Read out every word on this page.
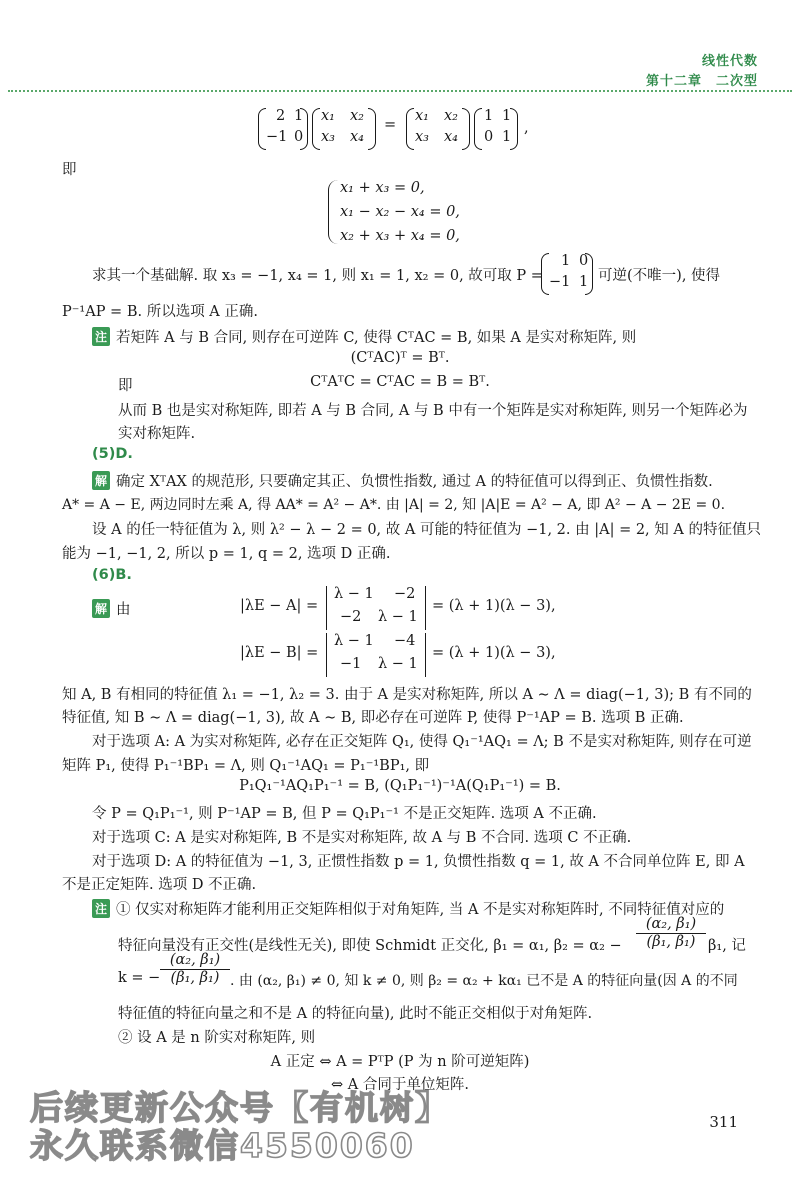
线性代数
第十二章　二次型
2 1
−1 0
x₁ x₂
x₃ x₄
=
x₁ x₂
x₃ x₄
1 1
0 1
,
即
x₁ + x₃ = 0,
x₁ − x₂ − x₄ = 0,
x₂ + x₃ + x₄ = 0,
求其一个基础解. 取 x₃ = −1, x₄ = 1, 则 x₁ = 1, x₂ = 0, 故可取 P =
1 0
−1 1 可逆(不唯一), 使得
P⁻¹AP = B. 所以选项 A 正确.
注 若矩阵 A 与 B 合同, 则存在可逆阵 C, 使得 CᵀAC = B, 如果 A 是实对称矩阵, 则
(CᵀAC)ᵀ = Bᵀ.
即	CᵀAᵀC = CᵀAC = B = Bᵀ.
从而 B 也是实对称矩阵, 即若 A 与 B 合同, A 与 B 中有一个矩阵是实对称矩阵, 则另一个矩阵必为
实对称矩阵.
(5)D.
解 确定 XᵀAX 的规范形, 只要确定其正、负惯性指数, 通过 A 的特征值可以得到正、负惯性指数.
A* = A − E, 两边同时左乘 A, 得 AA* = A² − A*. 由 |A| = 2, 知 |A|E = A² − A, 即 A² − A − 2E = 0.
设 A 的任一特征值为 λ, 则 λ² − λ − 2 = 0, 故 A 可能的特征值为 −1, 2. 由 |A| = 2, 知 A 的特征值只
能为 −1, −1, 2, 所以 p = 1, q = 2, 选项 D 正确.
(6)B.
解 由	|λE − A| =
λ − 1 −2
−2 λ − 1
= (λ + 1)(λ − 3),
|λE − B| =
λ − 1 −4
−1 λ − 1
= (λ + 1)(λ − 3),
知 A, B 有相同的特征值 λ₁ = −1, λ₂ = 3. 由于 A 是实对称矩阵, 所以 A ∼ Λ = diag(−1, 3); B 有不同的
特征值, 知 B ∼ Λ = diag(−1, 3), 故 A ∼ B, 即必存在可逆阵 P, 使得 P⁻¹AP = B. 选项 B 正确.
对于选项 A: A 为实对称矩阵, 必存在正交矩阵 Q₁, 使得 Q₁⁻¹AQ₁ = Λ; B 不是实对称矩阵, 则存在可逆
矩阵 P₁, 使得 P₁⁻¹BP₁ = Λ, 则 Q₁⁻¹AQ₁ = P₁⁻¹BP₁, 即
P₁Q₁⁻¹AQ₁P₁⁻¹ = B, (Q₁P₁⁻¹)⁻¹A(Q₁P₁⁻¹) = B.
令 P = Q₁P₁⁻¹, 则 P⁻¹AP = B, 但 P = Q₁P₁⁻¹ 不是正交矩阵. 选项 A 不正确.
对于选项 C: A 是实对称矩阵, B 不是实对称矩阵, 故 A 与 B 不合同. 选项 C 不正确.
对于选项 D: A 的特征值为 −1, 3, 正惯性指数 p = 1, 负惯性指数 q = 1, 故 A 不合同单位阵 E, 即 A
不是正定矩阵. 选项 D 不正确.
注 ① 仅实对称矩阵才能利用正交矩阵相似于对角矩阵, 当 A 不是实对称矩阵时, 不同特征值对应的
特征向量没有正交性(是线性无关), 即使 Schmidt 正交化, β₁ = α₁, $\beta_2 = \alpha_2 - \frac{\text{(α₂, β₁)}}{\text{(β₁, β₁)}} \beta_1$, 记
k = − $\frac{\text{(α₂, β₁)}}{\text{(β₁, β₁)}}$ . 由 (α₂, β₁) ≠ 0, 知 k ≠ 0, 则 β₂ = α₂ + kα₁ 已不是 A 的特征向量(因 A 的不同
特征值的特征向量之和不是 A 的特征向量), 此时不能正交相似于对角矩阵.
② 设 A 是 n 阶实对称矩阵, 则
A 正定 ⇔ A = PᵀP (P 为 n 阶可逆矩阵)
⇔ A 合同于单位矩阵.
后续更新公众号【有机树】
永久联系微信4550060
311
